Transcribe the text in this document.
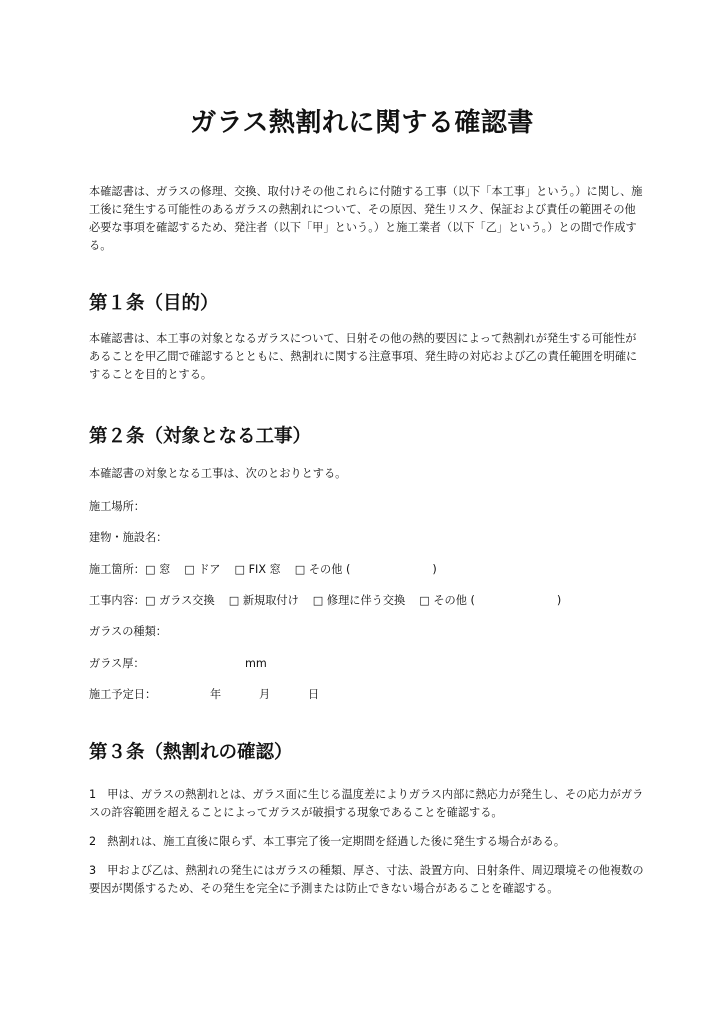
ガラス熱割れに関する確認書

本確認書は、ガラスの修理、交換、取付けその他これらに付随する工事（以下「本工事」という。）に関し、施工後に発生する可能性のあるガラスの熱割れについて、その原因、発生リスク、保証および責任の範囲その他必要な事項を確認するため、発注者（以下「甲」という。）と施工業者（以下「乙」という。）との間で作成する。

第１条（目的）

本確認書は、本工事の対象となるガラスについて、日射その他の熱的要因によって熱割れが発生する可能性があることを甲乙間で確認するとともに、熱割れに関する注意事項、発生時の対応および乙の責任範囲を明確にすることを目的とする。

第２条（対象となる工事）

本確認書の対象となる工事は、次のとおりとする。

施工場所：

建物・施設名：

施工箇所：□ 窓 □ ドア □ FIX 窓 □ その他 (	)

工事内容：□ ガラス交換 □ 新規取付け □ 修理に伴う交換 □ その他 (	)

ガラスの種類：

ガラス厚：	mm

施工予定日：	年	月	日
第３条（熱割れの確認）

1　甲は、ガラスの熱割れとは、ガラス面に生じる温度差によりガラス内部に熱応力が発生し、その応力がガラスの許容範囲を超えることによってガラスが破損する現象であることを確認する。

2　熱割れは、施工直後に限らず、本工事完了後一定期間を経過した後に発生する場合がある。

3　甲および乙は、熱割れの発生にはガラスの種類、厚さ、寸法、設置方向、日射条件、周辺環境その他複数の要因が関係するため、その発生を完全に予測または防止できない場合があることを確認する。
